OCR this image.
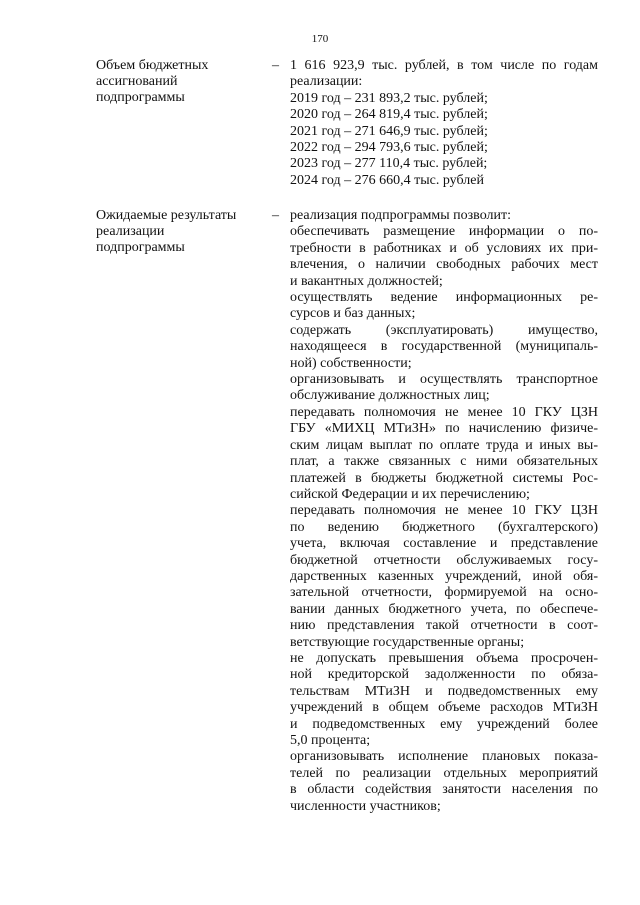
170
Объем бюджетных
ассигнований
подпрограммы
– 1 616 923,9 тыс. рублей, в том числе по годам
реализации:
2019 год – 231 893,2 тыс. рублей;
2020 год – 264 819,4 тыс. рублей;
2021 год – 271 646,9 тыс. рублей;
2022 год – 294 793,6 тыс. рублей;
2023 год – 277 110,4 тыс. рублей;
2024 год – 276 660,4 тыс. рублей
Ожидаемые результаты
реализации
подпрограммы
– реализация подпрограммы позволит:
обеспечивать размещение информации о по-
требности в работниках и об условиях их при-
влечения, о наличии свободных рабочих мест
и вакантных должностей;
осуществлять ведение информационных ре-
сурсов и баз данных;
содержать (эксплуатировать) имущество,
находящееся в государственной (муниципаль-
ной) собственности;
организовывать и осуществлять транспортное
обслуживание должностных лиц;
передавать полномочия не менее 10 ГКУ ЦЗН
ГБУ «МИХЦ МТиЗН» по начислению физиче-
ским лицам выплат по оплате труда и иных вы-
плат, а также связанных с ними обязательных
платежей в бюджеты бюджетной системы Рос-
сийской Федерации и их перечислению;
передавать полномочия не менее 10 ГКУ ЦЗН
по ведению бюджетного (бухгалтерского)
учета, включая составление и представление
бюджетной отчетности обслуживаемых госу-
дарственных казенных учреждений, иной обя-
зательной отчетности, формируемой на осно-
вании данных бюджетного учета, по обеспече-
нию представления такой отчетности в соот-
ветствующие государственные органы;
не допускать превышения объема просрочен-
ной кредиторской задолженности по обяза-
тельствам МТиЗН и подведомственных ему
учреждений в общем объеме расходов МТиЗН
и подведомственных ему учреждений более
5,0 процента;
организовывать исполнение плановых показа-
телей по реализации отдельных мероприятий
в области содействия занятости населения по
численности участников;
